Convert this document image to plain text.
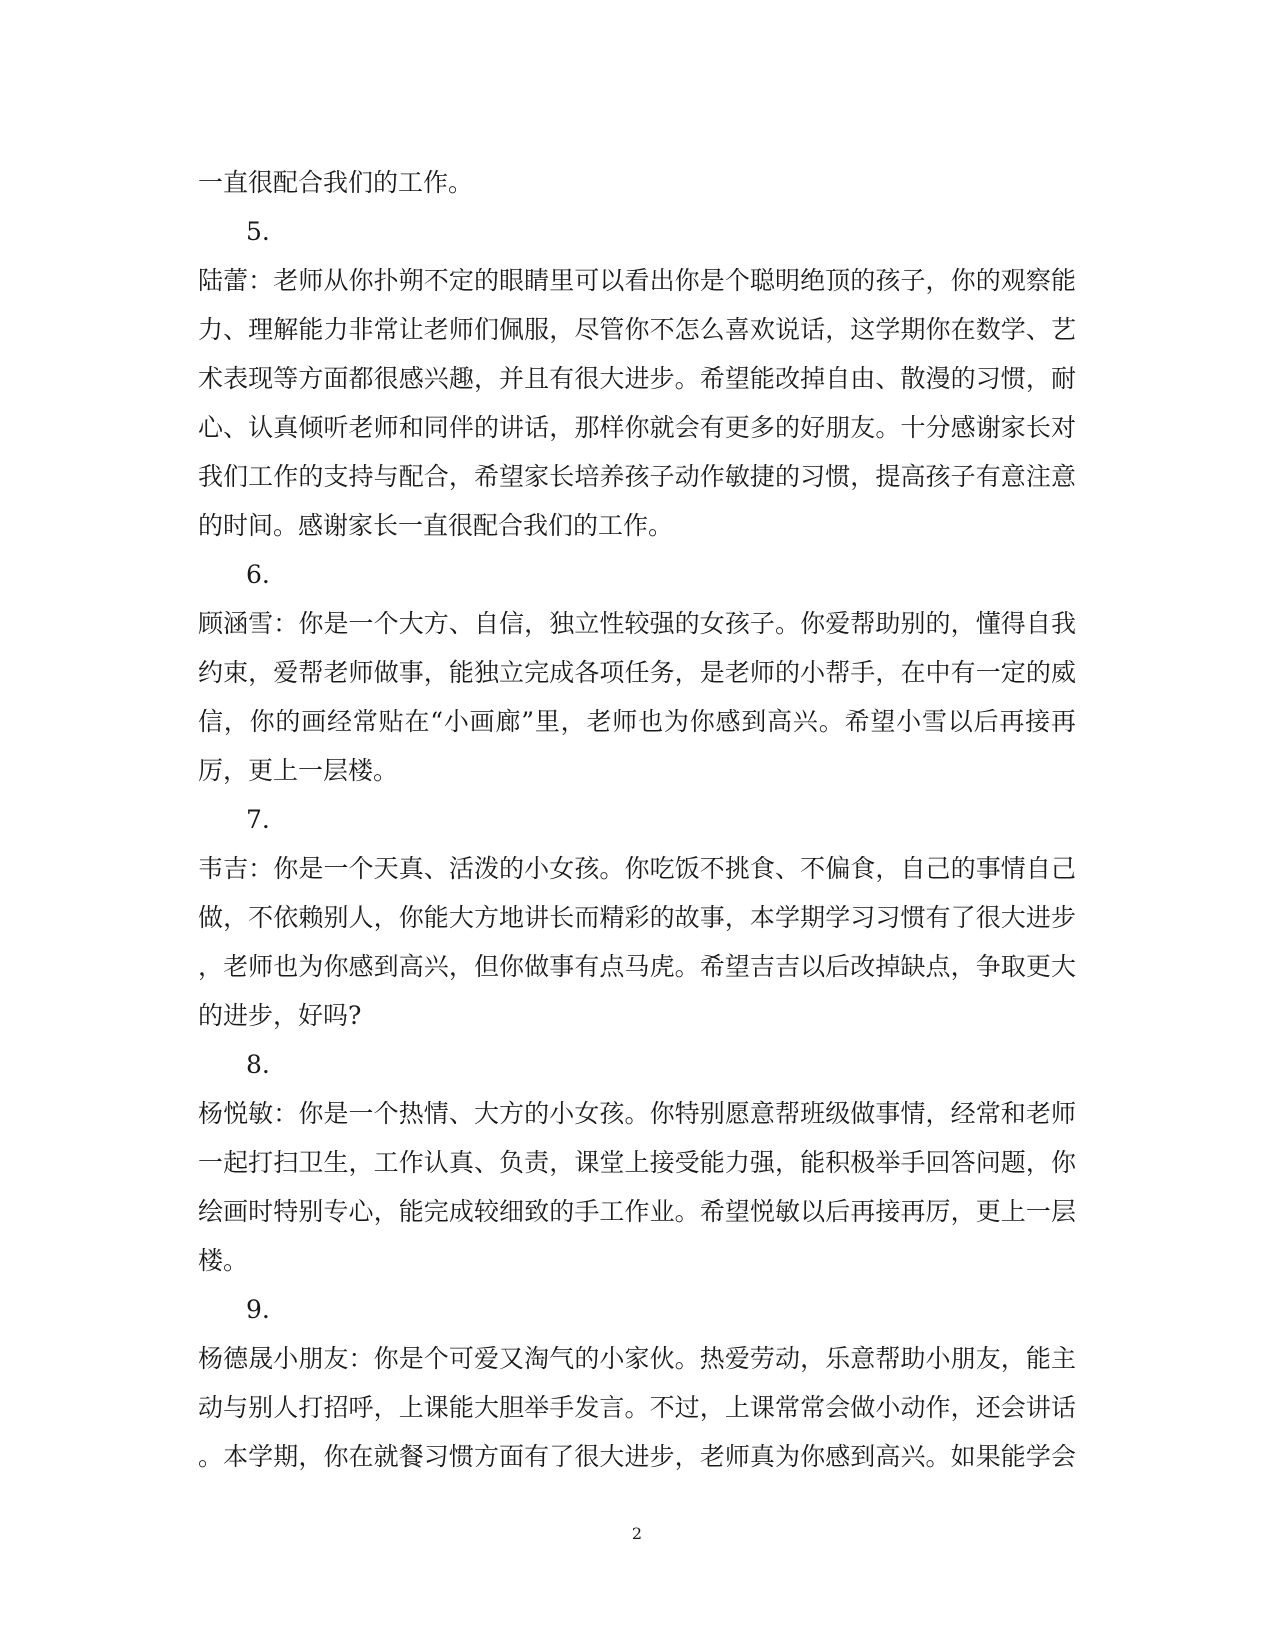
一直很配合我们的工作。
5.
陆蕾：老师从你扑朔不定的眼睛里可以看出你是个聪明绝顶的孩子，你的观察能
力、理解能力非常让老师们佩服，尽管你不怎么喜欢说话，这学期你在数学、艺
术表现等方面都很感兴趣，并且有很大进步。希望能改掉自由、散漫的习惯，耐
心、认真倾听老师和同伴的讲话，那样你就会有更多的好朋友。十分感谢家长对
我们工作的支持与配合，希望家长培养孩子动作敏捷的习惯，提高孩子有意注意
的时间。感谢家长一直很配合我们的工作。
6.
顾涵雪：你是一个大方、自信，独立性较强的女孩子。你爱帮助别的，懂得自我
约束，爱帮老师做事，能独立完成各项任务，是老师的小帮手，在中有一定的威
信，你的画经常贴在“小画廊”里，老师也为你感到高兴。希望小雪以后再接再
厉，更上一层楼。
7.
韦吉：你是一个天真、活泼的小女孩。你吃饭不挑食、不偏食，自己的事情自己
做，不依赖别人，你能大方地讲长而精彩的故事，本学期学习习惯有了很大进步
，老师也为你感到高兴，但你做事有点马虎。希望吉吉以后改掉缺点，争取更大
的进步，好吗?
8.
杨悦敏：你是一个热情、大方的小女孩。你特别愿意帮班级做事情，经常和老师
一起打扫卫生，工作认真、负责，课堂上接受能力强，能积极举手回答问题，你
绘画时特别专心，能完成较细致的手工作业。希望悦敏以后再接再厉，更上一层
楼。
9.
杨德晟小朋友：你是个可爱又淘气的小家伙。热爱劳动，乐意帮助小朋友，能主
动与别人打招呼，上课能大胆举手发言。不过，上课常常会做小动作，还会讲话
。本学期，你在就餐习惯方面有了很大进步，老师真为你感到高兴。如果能学会
2
